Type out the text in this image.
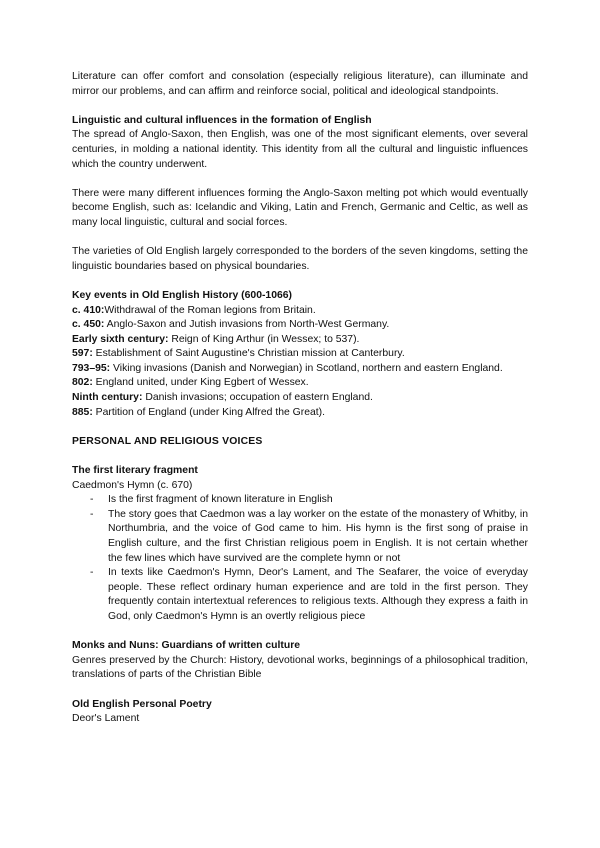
Literature can offer comfort and consolation (especially religious literature), can illuminate and mirror our problems, and can affirm and reinforce social, political and ideological standpoints.

Linguistic and cultural influences in the formation of English

The spread of Anglo-Saxon, then English, was one of the most significant elements, over several centuries, in molding a national identity. This identity from all the cultural and linguistic influences which the country underwent.

There were many different influences forming the Anglo-Saxon melting pot which would eventually become English, such as: Icelandic and Viking, Latin and French, Germanic and Celtic, as well as many local linguistic, cultural and social forces.

The varieties of Old English largely corresponded to the borders of the seven kingdoms, setting the linguistic boundaries based on physical boundaries.

Key events in Old English History (600-1066)

c. 410:Withdrawal of the Roman legions from Britain.

c. 450: Anglo-Saxon and Jutish invasions from North-West Germany.

Early sixth century: Reign of King Arthur (in Wessex; to 537).

597: Establishment of Saint Augustine's Christian mission at Canterbury.

793–95: Viking invasions (Danish and Norwegian) in Scotland, northern and eastern England.

802: England united, under King Egbert of Wessex.

Ninth century: Danish invasions; occupation of eastern England.

885: Partition of England (under King Alfred the Great).

PERSONAL AND RELIGIOUS VOICES

The first literary fragment

Caedmon's Hymn (c. 670)

- Is the first fragment of known literature in English
- The story goes that Caedmon was a lay worker on the estate of the monastery of Whitby, in Northumbria, and the voice of God came to him. His hymn is the first song of praise in English culture, and the first Christian religious poem in English. It is not certain whether the few lines which have survived are the complete hymn or not
- In texts like Caedmon's Hymn, Deor's Lament, and The Seafarer, the voice of everyday people. These reflect ordinary human experience and are told in the first person. They frequently contain intertextual references to religious texts. Although they express a faith in God, only Caedmon's Hymn is an overtly religious piece

Monks and Nuns: Guardians of written culture

Genres preserved by the Church: History, devotional works, beginnings of a philosophical tradition, translations of parts of the Christian Bible

Old English Personal Poetry

Deor's Lament
